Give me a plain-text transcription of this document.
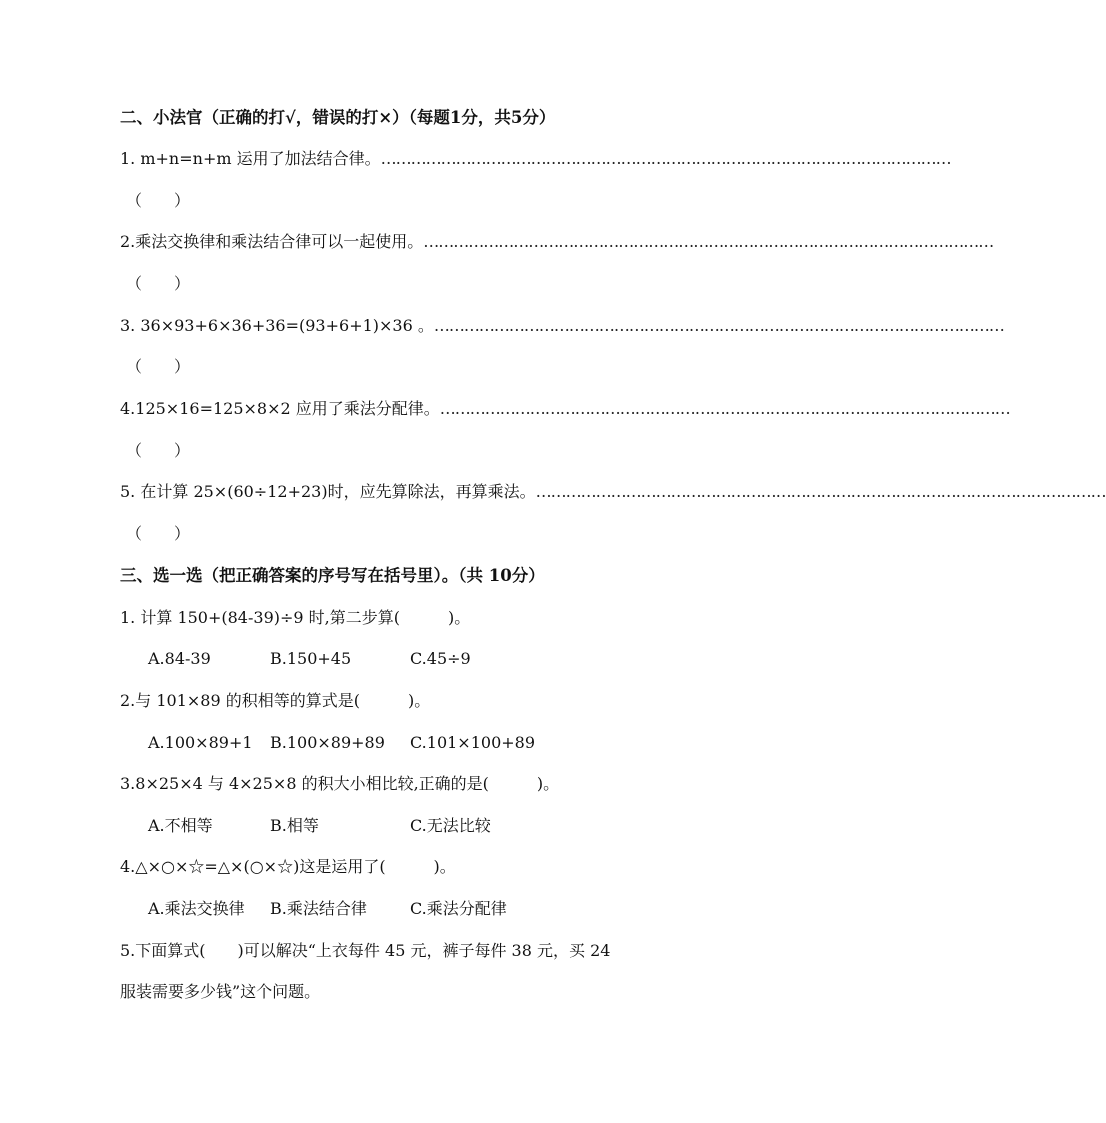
二、小法官（正确的打√，错误的打×）（每题1分，共5分）
1. m+n=n+m 运用了加法结合律。 ……………………………………………………………………………………………………
（　　）
2.乘法交换律和乘法结合律可以一起使用。 ……………………………………………………………………………………………………
（　　）
3. 36×93+6×36+36=(93+6+1)×36 。 ……………………………………………………………………………………………………
（　　）
4.125×16=125×8×2 应用了乘法分配律。 ……………………………………………………………………………………………………
（　　）
5. 在计算 25×(60÷12+23)时，应先算除法，再算乘法。 ……………………………………………………………………………………………………
（　　）
三、选一选（把正确答案的序号写在括号里）。（共 10分）
1. 计算 150+(84-39)÷9 时,第二步算(　　　)。
A.84-39	B.150+45	C.45÷9
2.与 101×89 的积相等的算式是(　　　)。
A.100×89+1 B.100×89+89 C.101×100+89
3.8×25×4 与 4×25×8 的积大小相比较,正确的是(　　　)。
A.不相等	B.相等	C.无法比较
4.△×○×☆=△×(○×☆)这是运用了(　　　)。
A.乘法交换律 B.乘法结合律	C.乘法分配律
5.下面算式(　　)可以解决“上衣每件 45 元，裤子每件 38 元，买 24
服装需要多少钱”这个问题。
